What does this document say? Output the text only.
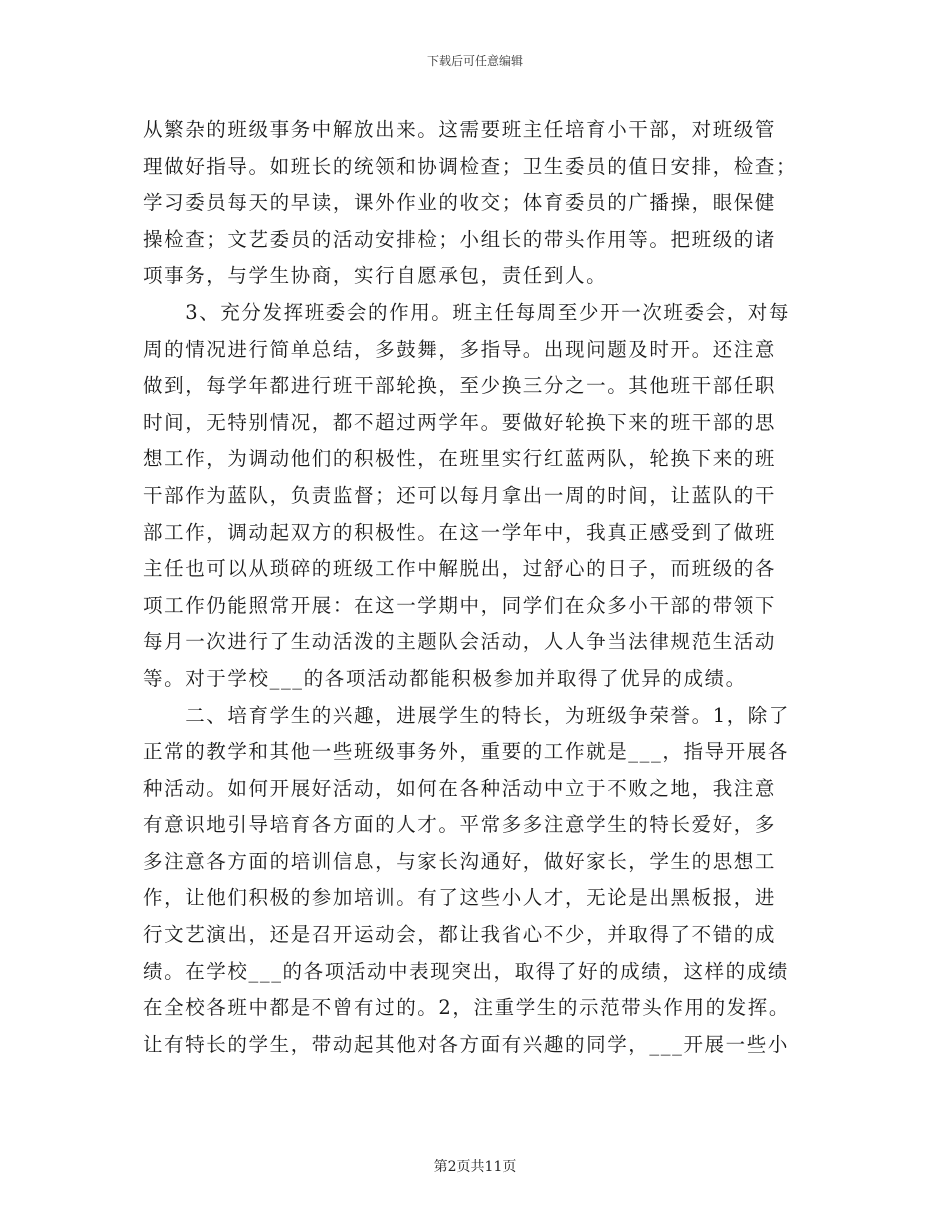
下载后可任意编辑
从繁杂的班级事务中解放出来。这需要班主任培育小干部，对班级管
理做好指导。如班长的统领和协调检查；卫生委员的值日安排，检查；
学习委员每天的早读，课外作业的收交；体育委员的广播操，眼保健
操检查；文艺委员的活动安排检；小组长的带头作用等。把班级的诸
项事务，与学生协商，实行自愿承包，责任到人。
　　3、充分发挥班委会的作用。班主任每周至少开一次班委会，对每
周的情况进行简单总结，多鼓舞，多指导。出现问题及时开。还注意
做到，每学年都进行班干部轮换，至少换三分之一。其他班干部任职
时间，无特别情况，都不超过两学年。要做好轮换下来的班干部的思
想工作，为调动他们的积极性，在班里实行红蓝两队，轮换下来的班
干部作为蓝队，负责监督；还可以每月拿出一周的时间，让蓝队的干
部工作，调动起双方的积极性。在这一学年中，我真正感受到了做班
主任也可以从琐碎的班级工作中解脱出，过舒心的日子，而班级的各
项工作仍能照常开展：在这一学期中，同学们在众多小干部的带领下
每月一次进行了生动活泼的主题队会活动，人人争当法律规范生活动
等。对于学校___的各项活动都能积极参加并取得了优异的成绩。
　　二、培育学生的兴趣，进展学生的特长，为班级争荣誉。1，除了
正常的教学和其他一些班级事务外，重要的工作就是___，指导开展各
种活动。如何开展好活动，如何在各种活动中立于不败之地，我注意
有意识地引导培育各方面的人才。平常多多注意学生的特长爱好，多
多注意各方面的培训信息，与家长沟通好，做好家长，学生的思想工
作，让他们积极的参加培训。有了这些小人才，无论是出黑板报，进
行文艺演出，还是召开运动会，都让我省心不少，并取得了不错的成
绩。在学校___的各项活动中表现突出，取得了好的成绩，这样的成绩
在全校各班中都是不曾有过的。2，注重学生的示范带头作用的发挥。
让有特长的学生，带动起其他对各方面有兴趣的同学，___开展一些小
第2页共11页
